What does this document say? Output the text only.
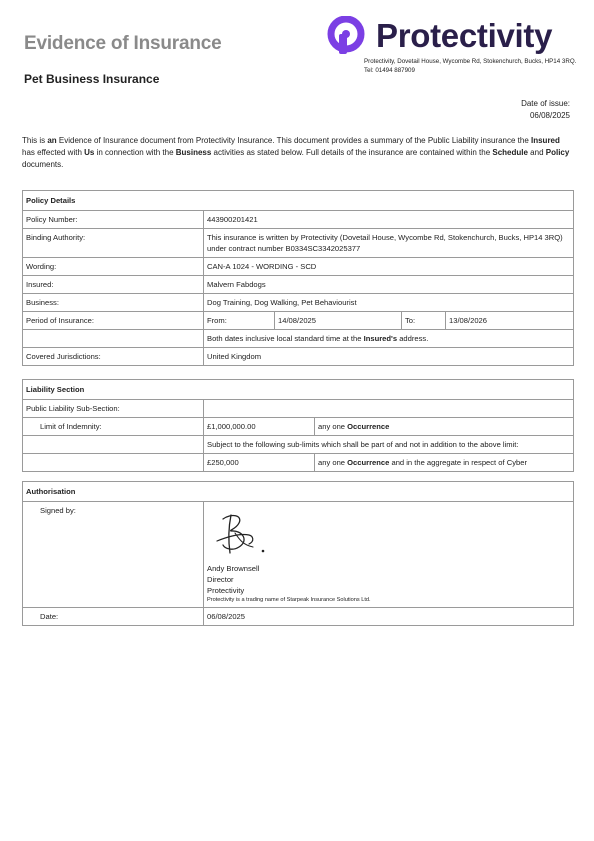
Evidence of Insurance
Pet Business Insurance
Protectivity
Protectivity, Dovetail House, Wycombe Rd, Stokenchurch, Bucks, HP14 3RQ. Tel: 01494 887909
Date of issue:
06/08/2025
This is an Evidence of Insurance document from Protectivity Insurance. This document provides a summary of the Public Liability insurance the Insured has effected with Us in connection with the Business activities as stated below. Full details of the insurance are contained within the Schedule and Policy documents.
Policy Details				
Policy Number:	443900201421			
Binding Authority:	This insurance is written by Protectivity (Dovetail House, Wycombe Rd, Stokenchurch, Bucks, HP14 3RQ) under contract number B0334SC3342025377			
Wording:	CAN-A 1024 - WORDING - SCD			
Insured:	Malvern Fabdogs			
Business:	Dog Training, Dog Walking, Pet Behaviourist			
Period of Insurance:	From:	14/08/2025	To:	13/08/2026
	Both dates inclusive local standard time at the Insured's address.			
Covered Jurisdictions:	United Kingdom			
Liability Section		
Public Liability Sub-Section:		
Limit of Indemnity:	£1,000,000.00	any one Occurrence
	Subject to the following sub-limits which shall be part of and not in addition to the above limit:	
	£250,000	any one Occurrence and in the aggregate in respect of Cyber
Authorisation	
Signed by:	Andy Brownsell
Director
Protectivity
Protectivity is a trading name of Starpeak Insurance Solutions Ltd.

Date:	06/08/2025
